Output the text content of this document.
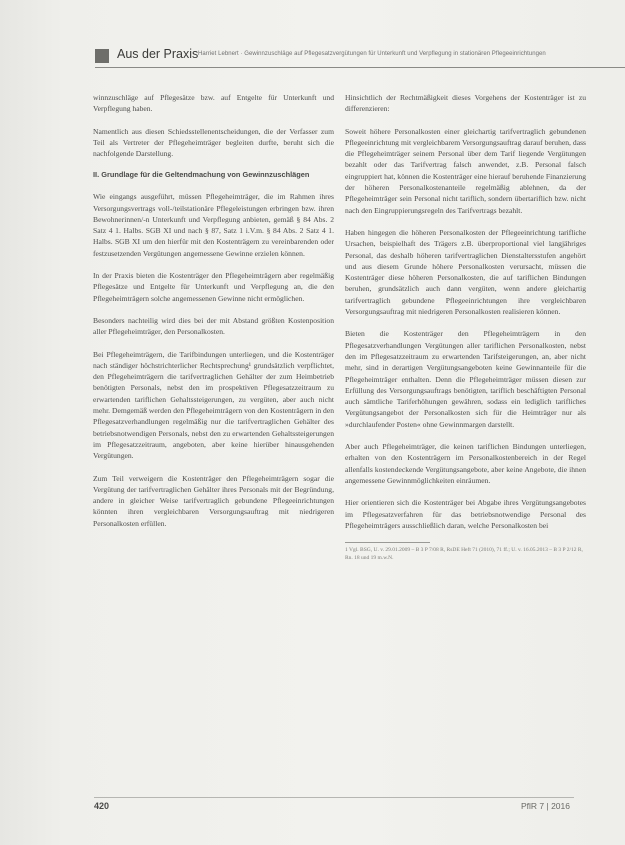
Aus der Praxis Harriet Lebnert · Gewinnzuschläge auf Pflegesatzvergütungen für Unterkunft und Verpflegung in stationären Pflegeeinrichtungen

winnzuschläge auf Pflegesätze bzw. auf Entgelte für Unterkunft und Verpflegung haben.

Namentlich aus diesen Schiedsstellenentscheidungen, die der Verfasser zum Teil als Vertreter der Pflegeheimträger begleiten durfte, beruht sich die nachfolgende Darstellung.

II. Grundlage für die Geltendmachung von Gewinnzuschlägen

Wie eingangs ausgeführt, müssen Pflegeheimträger, die im Rahmen ihres Versorgungsvertrags voll-/teilstationäre Pflegeleistungen erbringen bzw. ihren Bewohnerinnen/-n Unterkunft und Verpflegung anbieten, gemäß § 84 Abs. 2 Satz 4 1. Halbs. SGB XI und nach § 87, Satz 1 i.V.m. § 84 Abs. 2 Satz 4 1. Halbs. SGB XI um den hierfür mit den Kostenträgern zu vereinbarenden oder festzusetzenden Vergütungen angemessene Gewinne erzielen können.

In der Praxis bieten die Kostenträger den Pflegeheimträgern aber regelmäßig Pflegesätze und Entgelte für Unterkunft und Verpflegung an, die den Pflegeheimträgern solche angemessenen Gewinne nicht ermöglichen.

Besonders nachteilig wird dies bei der mit Abstand größten Kostenposition aller Pflegeheimträger, den Personalkosten.

Bei Pflegeheimträgern, die Tarifbindungen unterliegen, und die Kostenträger nach ständiger höchstrichterlicher Rechtsprechung¹ grundsätzlich verpflichtet, den Pflegeheimträgern die tarifvertraglichen Gehälter der zum Heimbetrieb benötigten Personals, nebst den im prospektiven Pflegesatzzeitraum zu erwartenden tariflichen Gehaltssteigerungen, zu vergüten, aber auch nicht mehr. Demgemäß werden den Pflegeheimträgern von den Kostenträgern in den Pflegesatzverhandlungen regelmäßig nur die tarifvertraglichen Gehälter des betriebsnotwendigen Personals, nebst den zu erwartenden Gehaltssteigerungen im Pflegesatzzeitraum, angeboten, aber keine hierüber hinausgehenden Vergütungen.

Zum Teil verweigern die Kostenträger den Pflegeheimträgern sogar die Vergütung der tarifvertraglichen Gehälter ihres Personals mit der Begründung, andere in gleicher Weise tarifvertraglich gebundene Pflegeeinrichtungen könnten ihren vergleichbaren Versorgungsauftrag mit niedrigeren Personalkosten erfüllen.

Hinsichtlich der Rechtmäßigkeit dieses Vorgehens der Kostenträger ist zu differenzieren:

Soweit höhere Personalkosten einer gleichartig tarifvertraglich gebundenen Pflegeeinrichtung mit vergleichbarem Versorgungsauftrag darauf beruhen, dass die Pflegeheimträger seinem Personal über dem Tarif liegende Vergütungen bezahlt oder das Tarifvertrag falsch anwendet, z.B. Personal falsch eingruppiert hat, können die Kostenträger eine hierauf beruhende Finanzierung der höheren Personalkostenanteile regelmäßig ablehnen, da der Pflegeheimträger sein Personal nicht tariflich, sondern übertariflich bzw. nicht nach den Eingruppierungsregeln des Tarifvertrags bezahlt.

Haben hingegen die höheren Personalkosten der Pflegeeinrichtung tarifliche Ursachen, beispielhaft des Trägers z.B. überproportional viel langjähriges Personal, das deshalb höheren tarifvertraglichen Dienstaltersstufen angehört und aus diesem Grunde höhere Personalkosten verursacht, müssen die Kostenträger diese höheren Personalkosten, die auf tariflichen Bindungen beruhen, grundsätzlich auch dann vergüten, wenn andere gleichartig tarifvertraglich gebundene Pflegeeinrichtungen ihre vergleichbaren Versorgungsauftrag mit niedrigeren Personalkosten realisieren können.

Bieten die Kostenträger den Pflegeheimträgern in den Pflegesatzverhandlungen Vergütungen aller tariflichen Personalkosten, nebst den im Pflegesatzzeitraum zu erwartenden Tarifsteigerungen, an, aber nicht mehr, sind in derartigen Vergütungsangeboten keine Gewinnanteile für die Pflegeheimträger enthalten. Denn die Pflegeheimträger müssen diesen zur Erfüllung des Versorgungsauftrags benötigten, tariflich beschäftigten Personal auch sämtliche Tariferhöhungen gewähren, sodass ein lediglich tarifliches Vergütungsangebot der Personalkosten sich für die Heimträger nur als »durchlaufender Posten« ohne Gewinnmargen darstellt.

Aber auch Pflegeheimträger, die keinen tariflichen Bindungen unterliegen, erhalten von den Kostenträgern im Personalkostenbereich in der Regel allenfalls kostendeckende Vergütungsangebote, aber keine Angebote, die ihnen angemessene Gewinnmöglichkeiten einräumen.

Hier orientieren sich die Kostenträger bei Abgabe ihres Vergütungsangebotes im Pflegesatzverfahren für das betriebsnotwendige Personal des Pflegeheimträgers ausschließlich daran, welche Personalkosten bei

1 Vgl. BSG, U. v. 29.01.2009 – B 3 P 7/08 R, RsDE Heft 71 (2010), 71 ff.; U. v. 16.05.2013 – B 3 P 2/12 R, Rn. 18 und 19 m.w.N.
420	PflR 7 | 2016
